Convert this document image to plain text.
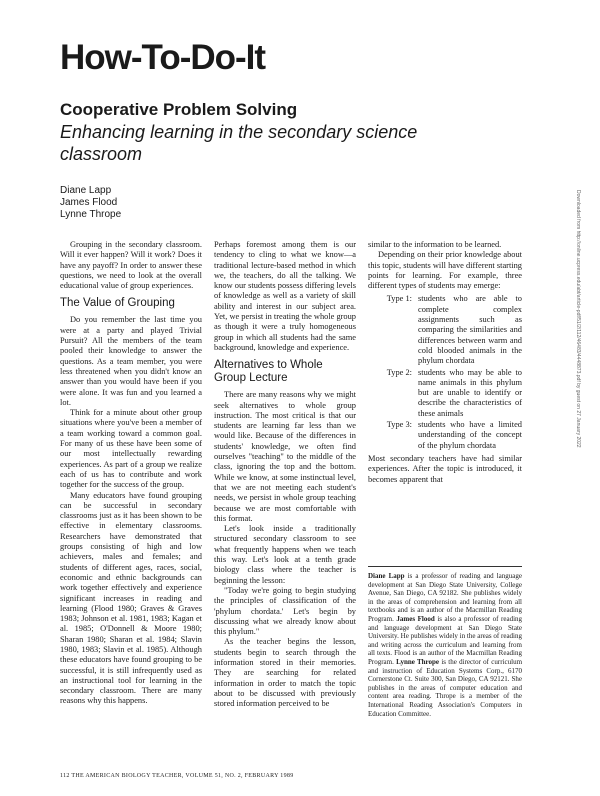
How-To-Do-It
Cooperative Problem Solving
Enhancing learning in the secondary science classroom
Diane Lapp
James Flood
Lynne Thrope

Grouping in the secondary classroom. Will it ever happen? Will it work? Does it have any payoff? In order to answer these questions, we need to look at the overall educational value of group experiences.

The Value of Grouping

Do you remember the last time you were at a party and played Trivial Pursuit? All the members of the team pooled their knowledge to answer the questions. As a team member, you were less threatened when you didn't know an answer than you would have been if you were alone. It was fun and you learned a lot.

Think for a minute about other group situations where you've been a member of a team working toward a common goal. For many of us these have been some of our most intellectually rewarding experiences. As part of a group we realize each of us has to contribute and work together for the success of the group.

Many educators have found grouping can be successful in secondary classrooms just as it has been shown to be effective in elementary classrooms. Researchers have demonstrated that groups consisting of high and low achievers, males and females; and students of different ages, races, social, economic and ethnic backgrounds can work together effectively and experience significant increases in reading and learning (Flood 1980; Graves & Graves 1983; Johnson et al. 1981, 1983; Kagan et al. 1985; O'Donnell & Moore 1980; Sharan 1980; Sharan et al. 1984; Slavin 1980, 1983; Slavin et al. 1985). Although these educators have found grouping to be successful, it is still infrequently used as an instructional tool for learning in the secondary classroom. There are many reasons why this happens.

Perhaps foremost among them is our tendency to cling to what we know—a traditional lecture-based method in which we, the teachers, do all the talking. We know our students possess differing levels of knowledge as well as a variety of skill ability and interest in our subject area. Yet, we persist in treating the whole group as though it were a truly homogeneous group in which all students had the same background, knowledge and experience.

Alternatives to Whole Group Lecture

There are many reasons why we might seek alternatives to whole group instruction. The most critical is that our students are learning far less than we would like. Because of the differences in students' knowledge, we often find ourselves "teaching" to the middle of the class, ignoring the top and the bottom. While we know, at some instinctual level, that we are not meeting each student's needs, we persist in whole group teaching because we are most comfortable with this format.

Let's look inside a traditionally structured secondary classroom to see what frequently happens when we teach this way. Let's look at a tenth grade biology class where the teacher is beginning the lesson:

"Today we're going to begin studying the principles of classification of the 'phylum chordata.' Let's begin by discussing what we already know about this phylum."

As the teacher begins the lesson, students begin to search through the information stored in their memories. They are searching for related information in order to match the topic about to be discussed with previously stored information perceived to be

similar to the information to be learned.

Depending on their prior knowledge about this topic, students will have different starting points for learning. For example, three different types of students may emerge:

Type 1: students who are able to complete complex assignments such as comparing the similarities and differences between warm and cold blooded animals in the phylum chordata
Type 2: students who may be able to name animals in this phylum but are unable to identify or describe the characteristics of these animals
Type 3: students who have a limited understanding of the concept of the phylum chordata

Most secondary teachers have had similar experiences. After the topic is introduced, it becomes apparent that

Diane Lapp is a professor of reading and language development at San Diego State University, College Avenue, San Diego, CA 92182. She publishes widely in the areas of comprehension and learning from all textbooks and is an author of the Macmillan Reading Program. James Flood is also a professor of reading and language development at San Diego State University. He publishes widely in the areas of reading and writing across the curriculum and learning from all texts. Flood is an author of the Macmillan Reading Program. Lynne Thrope is the director of curriculum and instruction of Education Systems Corp., 6170 Cornerstone Ct. Suite 300, San Diego, CA 92121. She publishes in the areas of computer education and content area reading. Thrope is a member of the International Reading Association's Computers in Education Committee.
112 THE AMERICAN BIOLOGY TEACHER, VOLUME 51, NO. 2, FEBRUARY 1989
Downloaded from http://online.ucpress.edu/abt/article-pdf/51/2/112/46483/4448873.pdf by guest on 27 January 2022
